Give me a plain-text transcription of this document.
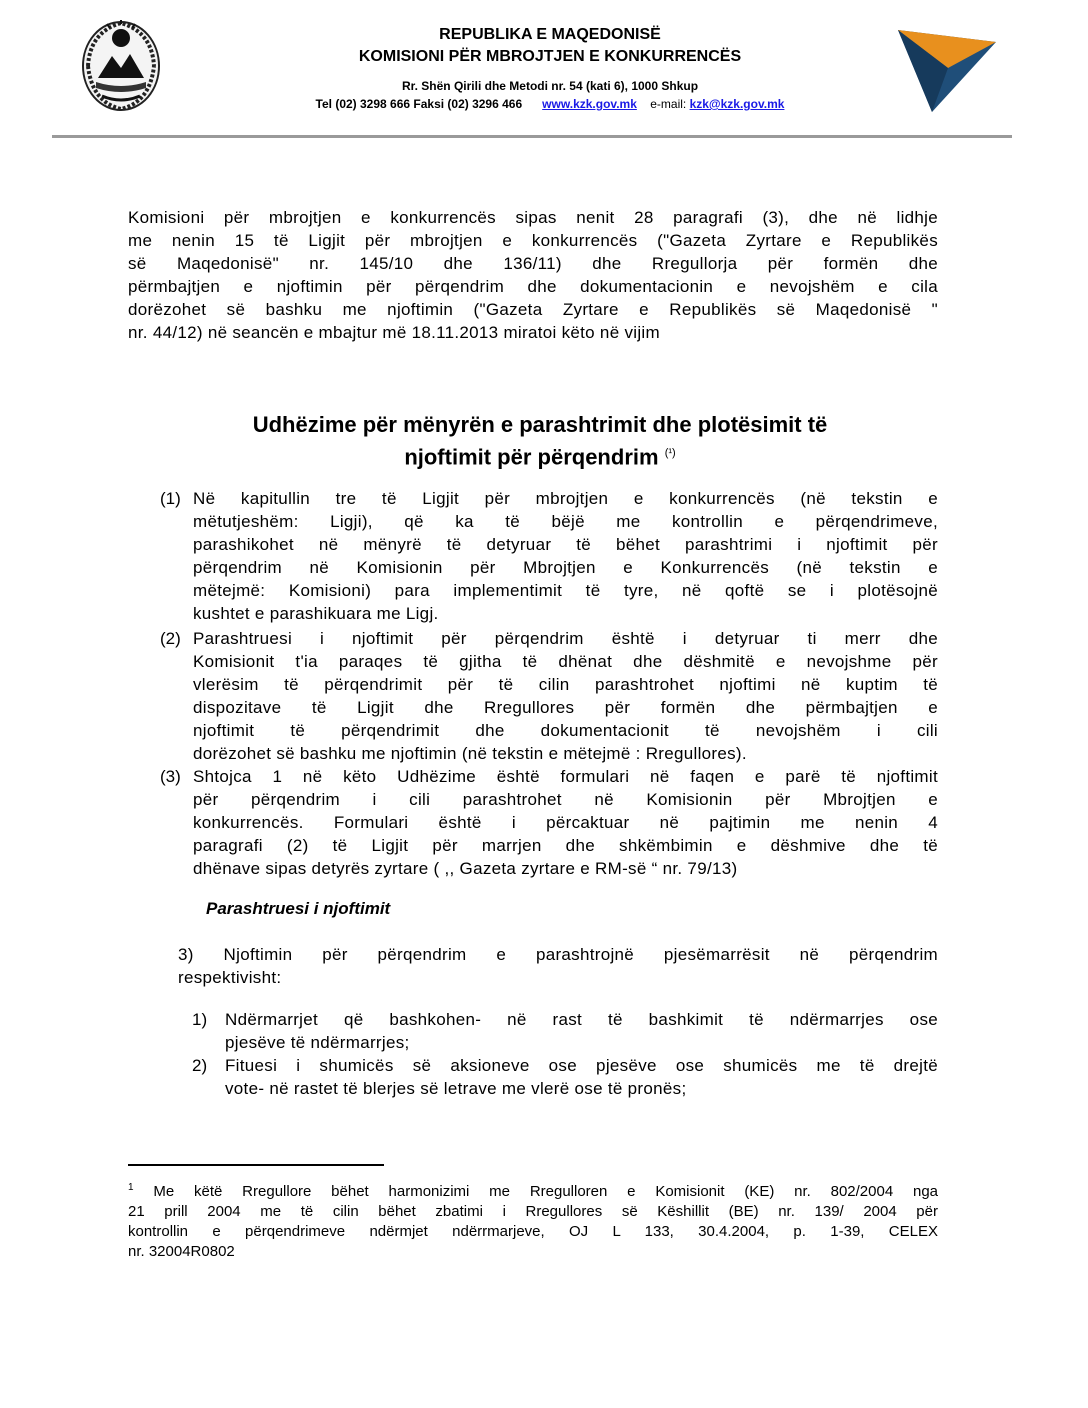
REPUBLIKA E MAQEDONISË
KOMISIONI PËR MBROJTJEN E KONKURRENCËS
Rr. Shën Qirili dhe Metodi nr. 54 (kati 6), 1000 Shkup
Tel (02) 3298 666 Faksi (02) 3296 466 www.kzk.gov.mk e-mail: kzk@kzk.gov.mk
Komisioni për mbrojtjen e konkurrencës sipas nenit 28 paragrafi (3), dhe në lidhje
me nenin 15 të Ligjit për mbrojtjen e konkurrencës ("Gazeta Zyrtare e Republikës
së Maqedonisë" nr. 145/10 dhe 136/11) dhe Rregullorja për formën dhe
përmbajtjen e njoftimin për përqendrim dhe dokumentacionin e nevojshëm e cila
dorëzohet së bashku me njoftimin ("Gazeta Zyrtare e Republikës së Maqedonisë "
nr. 44/12) në seancën e mbajtur më 18.11.2013 miratoi këto në vijim
Udhëzime për mënyrën e parashtrimit dhe plotësimit të
njoftimit për përqendrim $^{(^1)}$
(1) Në kapitullin tre të Ligjit për mbrojtjen e konkurrencës (në tekstin e
mëtutjeshëm: Ligji), që ka të bëjë me kontrollin e përqendrimeve,
parashikohet në mënyrë të detyruar të bëhet parashtrimi i njoftimit për
përqendrim në Komisionin për Mbrojtjen e Konkurrencës (në tekstin e
mëtejmë: Komisioni) para implementimit të tyre, në qoftë se i plotësojnë
kushtet e parashikuara me Ligj.
(2) Parashtruesi i njoftimit për përqendrim është i detyruar ti merr dhe
Komisionit t'ia paraqes të gjitha të dhënat dhe dëshmitë e nevojshme për
vlerësim të përqendrimit për të cilin parashtrohet njoftimi në kuptim të
dispozitave të Ligjit dhe Rregullores për formën dhe përmbajtjen e
njoftimit të përqendrimit dhe dokumentacionit të nevojshëm i cili
dorëzohet së bashku me njoftimin (në tekstin e mëtejmë : Rregullores).
(3) Shtojca 1 në këto Udhëzime është formulari në faqen e parë të njoftimit
për përqendrim i cili parashtrohet në Komisionin për Mbrojtjen e
konkurrencës. Formulari është i përcaktuar në pajtimin me nenin 4
paragrafi (2) të Ligjit për marrjen dhe shkëmbimin e dëshmive dhe të
dhënave sipas detyrës zyrtare ( ,, Gazeta zyrtare e RM-së “ nr. 79/13)
Parashtruesi i njoftimit
3) Njoftimin për përqendrim e parashtrojnë pjesëmarrësit në përqendrim
respektivisht:
1) Ndërmarrjet që bashkohen- në rast të bashkimit të ndërmarrjes ose
pjesëve të ndërmarrjes;
2) Fituesi i shumicës së aksioneve ose pjesëve ose shumicës me të drejtë
vote- në rastet të blerjes së letrave me vlerë ose të pronës;
$^1$ Me këtë Rregullore bëhet harmonizimi me Rregulloren e Komisionit (KE) nr. 802/2004 nga
21 prill 2004 me të cilin bëhet zbatimi i Rregullores së Këshillit (BE) nr. 139/ 2004 për
kontrollin e përqendrimeve ndërmjet ndërrmarjeve, OJ L 133, 30.4.2004, p. 1-39, CELEX
nr. 32004R0802
